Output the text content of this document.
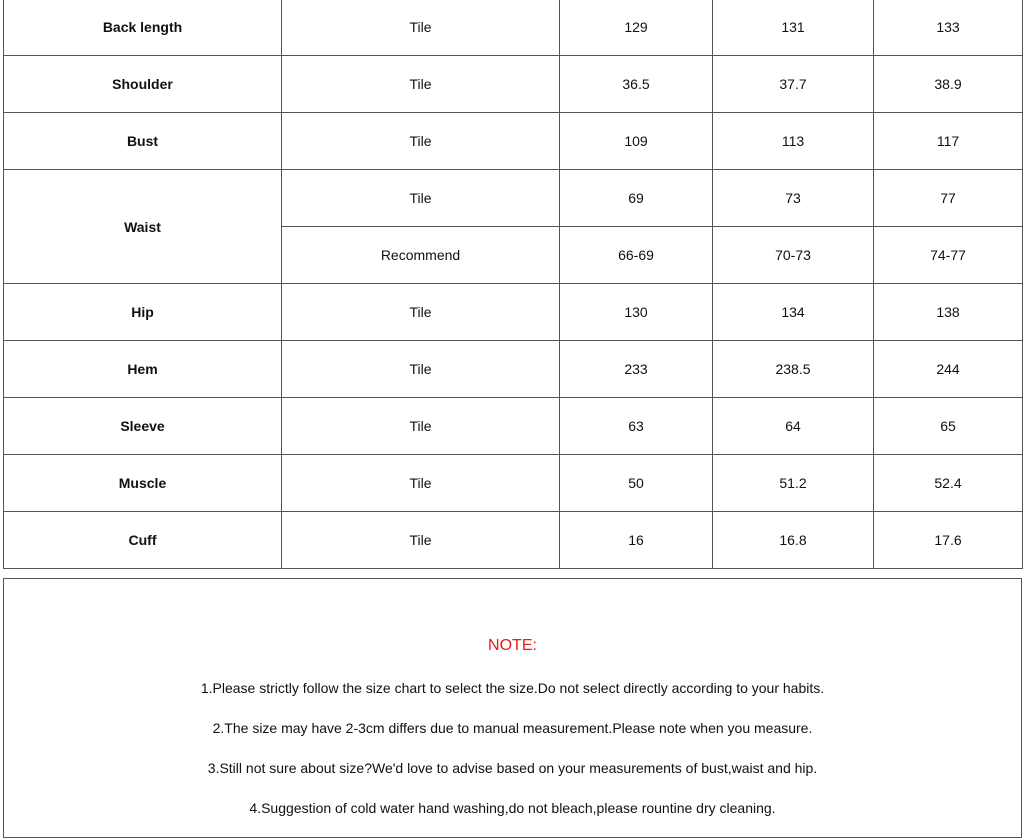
Back length	Tile	129	131	133
Shoulder	Tile	36.5	37.7	38.9
Bust	Tile	109	113	117
Waist	Tile	69	73	77
	Recommend	66-69	70-73	74-77
Hip	Tile	130	134	138
Hem	Tile	233	238.5	244
Sleeve	Tile	63	64	65
Muscle	Tile	50	51.2	52.4
Cuff	Tile	16	16.8	17.6
NOTE:
1.Please strictly follow the size chart to select the size.Do not select directly according to your habits.
2.The size may have 2-3cm differs due to manual measurement.Please note when you measure.
3.Still not sure about size?We'd love to advise based on your measurements of bust,waist and hip.
4.Suggestion of cold water hand washing,do not bleach,please rountine dry cleaning.
